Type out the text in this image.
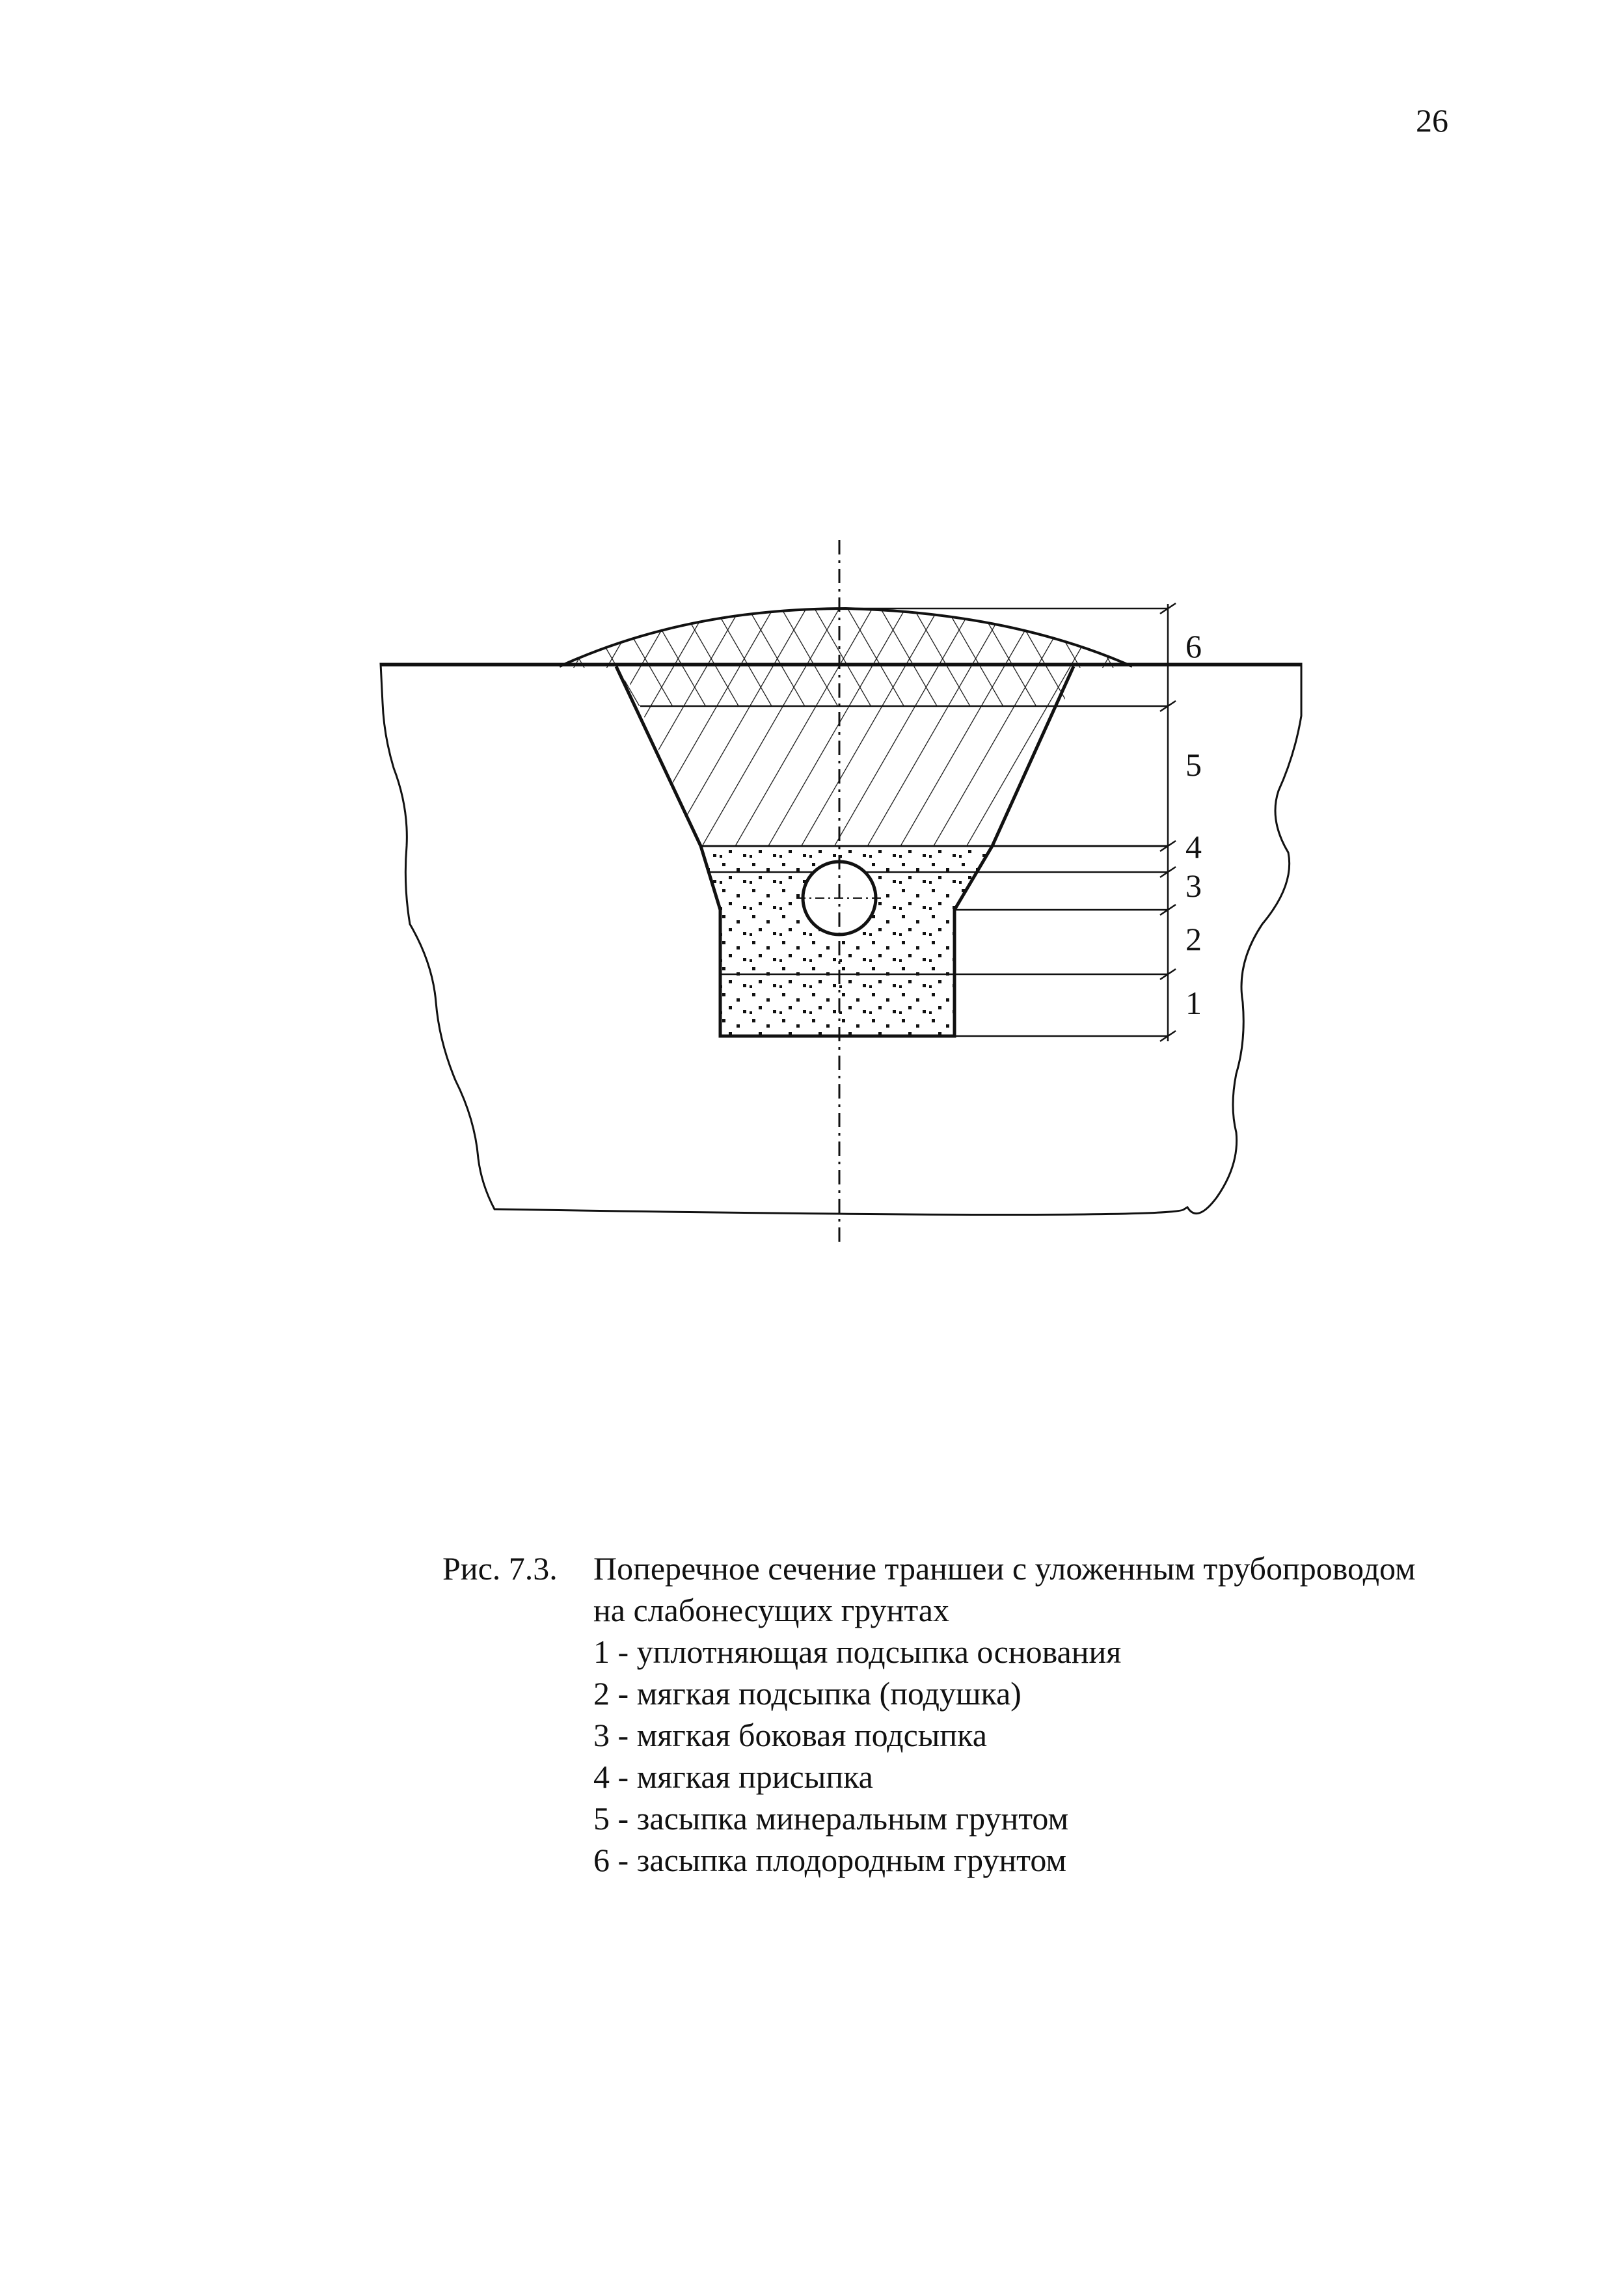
26
6
5
4
3
2
1
Рис. 7.3.	Поперечное сечение траншеи с уложенным трубопроводом на слабонесущих грунтах
1 - уплотняющая подсыпка основания
2 - мягкая подсыпка (подушка)
3 - мягкая боковая подсыпка
4 - мягкая присыпка
5 - засыпка минеральным грунтом
6 - засыпка плодородным грунтом
